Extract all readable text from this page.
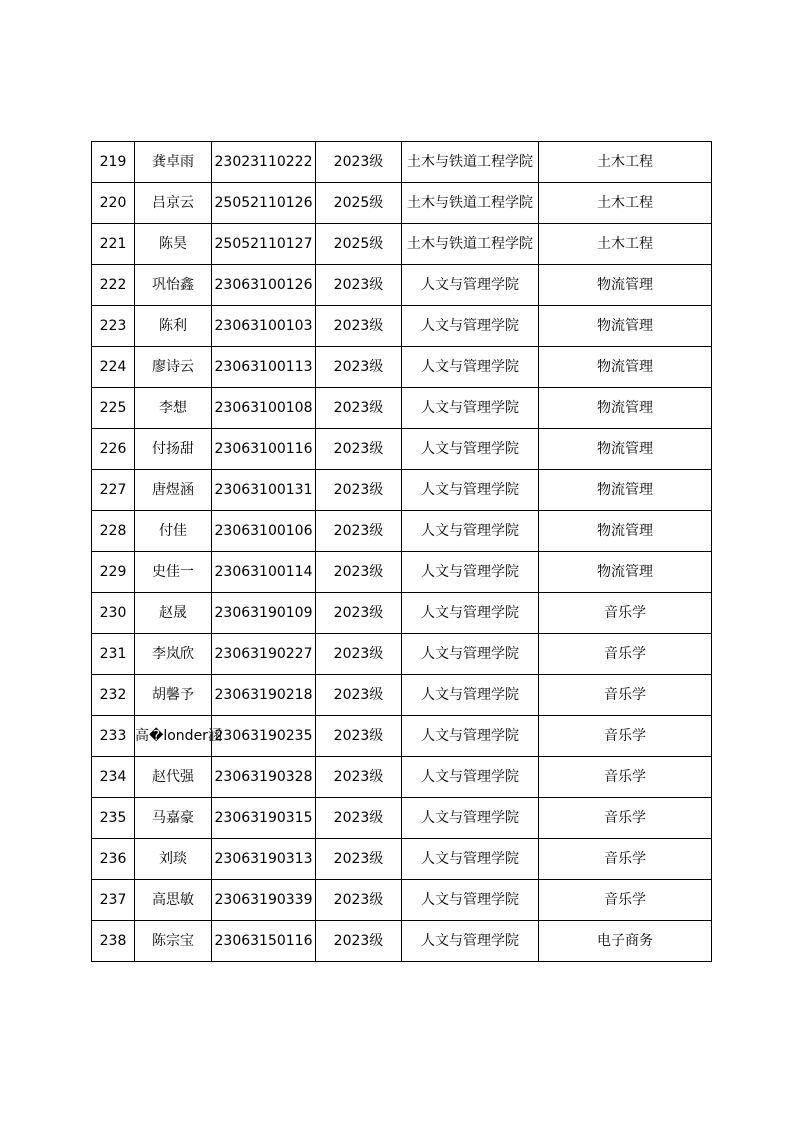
219	龚卓雨	23023110222	2023级	土木与铁道工程学院	土木工程
220	吕京云	25052110126	2025级	土木与铁道工程学院	土木工程
221	陈昊	25052110127	2025级	土木与铁道工程学院	土木工程
222	巩怡鑫	23063100126	2023级	人文与管理学院	物流管理
223	陈利	23063100103	2023级	人文与管理学院	物流管理
224	廖诗云	23063100113	2023级	人文与管理学院	物流管理
225	李想	23063100108	2023级	人文与管理学院	物流管理
226	付扬甜	23063100116	2023级	人文与管理学院	物流管理
227	唐煜涵	23063100131	2023级	人文与管理学院	物流管理
228	付佳	23063100106	2023级	人文与管理学院	物流管理
229	史佳一	23063100114	2023级	人文与管理学院	物流管理
230	赵晟	23063190109	2023级	人文与管理学院	音乐学
231	李岚欣	23063190227	2023级	人文与管理学院	音乐学
232	胡馨予	23063190218	2023级	人文与管理学院	音乐学
233	高�londer涵	23063190235	2023级	人文与管理学院	音乐学
234	赵代强	23063190328	2023级	人文与管理学院	音乐学
235	马嘉豪	23063190315	2023级	人文与管理学院	音乐学
236	刘琰	23063190313	2023级	人文与管理学院	音乐学
237	高思敏	23063190339	2023级	人文与管理学院	音乐学
238	陈宗宝	23063150116	2023级	人文与管理学院	电子商务
